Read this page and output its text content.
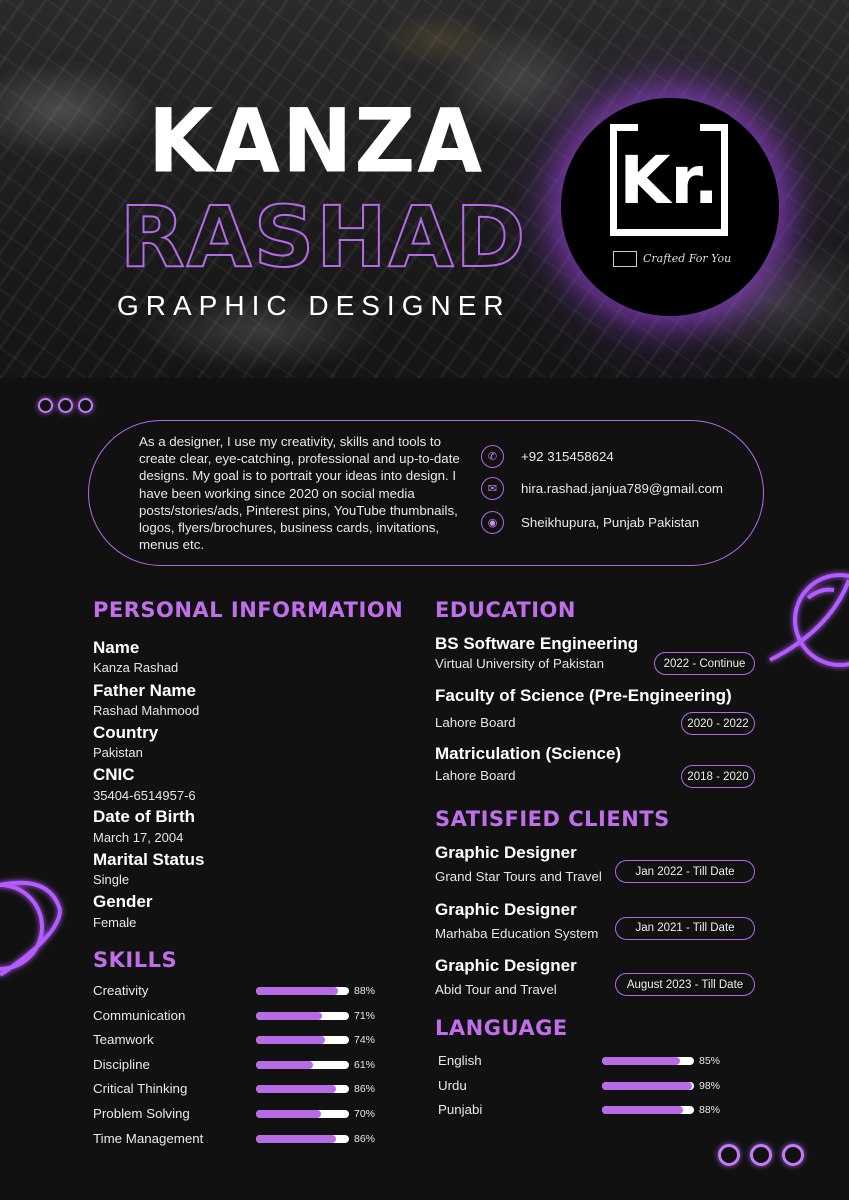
KANZA
RASHAD
GRAPHIC DESIGNER
Kr.
Crafted For You
As a designer, I use my creativity, skills and tools to create clear, eye-catching, professional and up-to-date designs. My goal is to portrait your ideas into design. I have been working since 2020 on social media posts/stories/ads, Pinterest pins, YouTube thumbnails, logos, flyers/brochures, business cards, invitations, menus etc.
✆	+92 315458624
✉	hira.rashad.janjua789@gmail.com
◉	Sheikhupura, Punjab Pakistan
PERSONAL INFORMATION
Name
Kanza Rashad
Father Name
Rashad Mahmood
Country
Pakistan
CNIC
35404-6514957-6
Date of Birth
March 17, 2004
Marital Status
Single
Gender
Female
SKILLS
Creativity	88%
Communication	71%
Teamwork	74%
Discipline	61%
Critical Thinking	86%
Problem Solving	70%
Time Management	86%
EDUCATION
BS Software Engineering
Virtual University of Pakistan	2022 - Continue
Faculty of Science (Pre-Engineering)
Lahore Board	2020 - 2022
Matriculation (Science)
Lahore Board	2018 - 2020
SATISFIED CLIENTS
Graphic Designer
Grand Star Tours and Travel	Jan 2022 - Till Date
Graphic Designer
Marhaba Education System	Jan 2021 - Till Date
Graphic Designer
Abid Tour and Travel	August 2023 - Till Date
LANGUAGE
English	85%
Urdu	98%
Punjabi	88%
